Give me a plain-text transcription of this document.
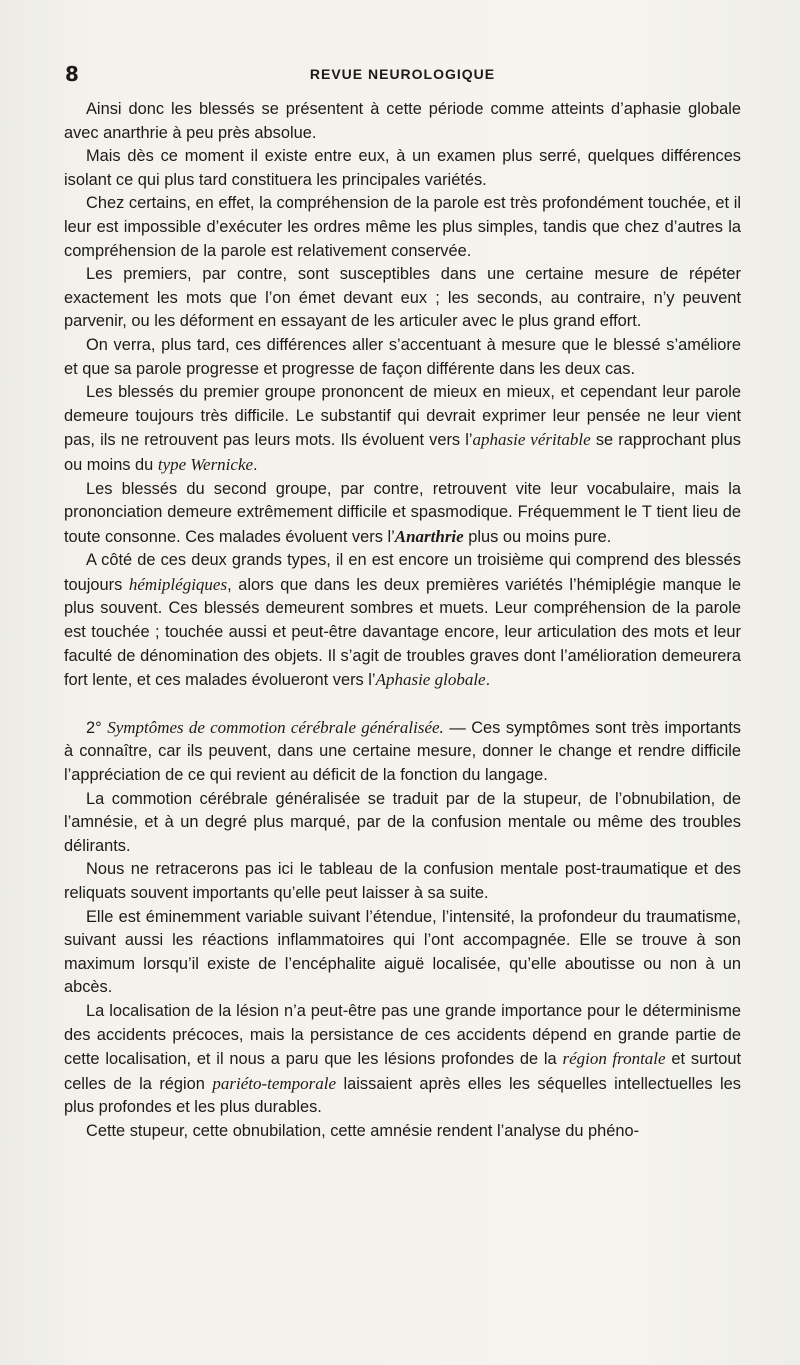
8	REVUE NEUROLOGIQUE

Ainsi donc les blessés se présentent à cette période comme atteints d’aphasie globale avec anarthrie à peu près absolue.

Mais dès ce moment il existe entre eux, à un examen plus serré, quelques différences isolant ce qui plus tard constituera les principales variétés.

Chez certains, en effet, la compréhension de la parole est très profondément touchée, et il leur est impossible d’exécuter les ordres même les plus simples, tandis que chez d’autres la compréhension de la parole est relativement conservée.

Les premiers, par contre, sont susceptibles dans une certaine mesure de répéter exactement les mots que l’on émet devant eux ; les seconds, au contraire, n’y peuvent parvenir, ou les déforment en essayant de les articuler avec le plus grand effort.

On verra, plus tard, ces différences aller s’accentuant à mesure que le blessé s’améliore et que sa parole progresse et progresse de façon différente dans les deux cas.

Les blessés du premier groupe prononcent de mieux en mieux, et cependant leur parole demeure toujours très difficile. Le substantif qui devrait exprimer leur pensée ne leur vient pas, ils ne retrouvent pas leurs mots. Ils évoluent vers l’aphasie véritable se rapprochant plus ou moins du type Wernicke.

Les blessés du second groupe, par contre, retrouvent vite leur vocabulaire, mais la prononciation demeure extrêmement difficile et spasmodique. Fréquemment le T tient lieu de toute consonne. Ces malades évoluent vers l’Anarthrie plus ou moins pure.

A côté de ces deux grands types, il en est encore un troisième qui comprend des blessés toujours hémiplégiques, alors que dans les deux premières variétés l’hémiplégie manque le plus souvent. Ces blessés demeurent sombres et muets. Leur compréhension de la parole est touchée ; touchée aussi et peut-être davantage encore, leur articulation des mots et leur faculté de dénomination des objets. Il s’agit de troubles graves dont l’amélioration demeurera fort lente, et ces malades évolueront vers l’Aphasie globale.

2° Symptômes de commotion cérébrale généralisée. — Ces symptômes sont très importants à connaître, car ils peuvent, dans une certaine mesure, donner le change et rendre difficile l’appréciation de ce qui revient au déficit de la fonction du langage.

La commotion cérébrale généralisée se traduit par de la stupeur, de l’obnubilation, de l’amnésie, et à un degré plus marqué, par de la confusion mentale ou même des troubles délirants.

Nous ne retracerons pas ici le tableau de la confusion mentale post-traumatique et des reliquats souvent importants qu’elle peut laisser à sa suite.

Elle est éminemment variable suivant l’étendue, l’intensité, la profondeur du traumatisme, suivant aussi les réactions inflammatoires qui l’ont accompagnée. Elle se trouve à son maximum lorsqu’il existe de l’encéphalite aiguë localisée, qu’elle aboutisse ou non à un abcès.

La localisation de la lésion n’a peut-être pas une grande importance pour le déterminisme des accidents précoces, mais la persistance de ces accidents dépend en grande partie de cette localisation, et il nous a paru que les lésions profondes de la région frontale et surtout celles de la région pariéto-temporale laissaient après elles les séquelles intellectuelles les plus profondes et les plus durables.

Cette stupeur, cette obnubilation, cette amnésie rendent l’analyse du phéno-
